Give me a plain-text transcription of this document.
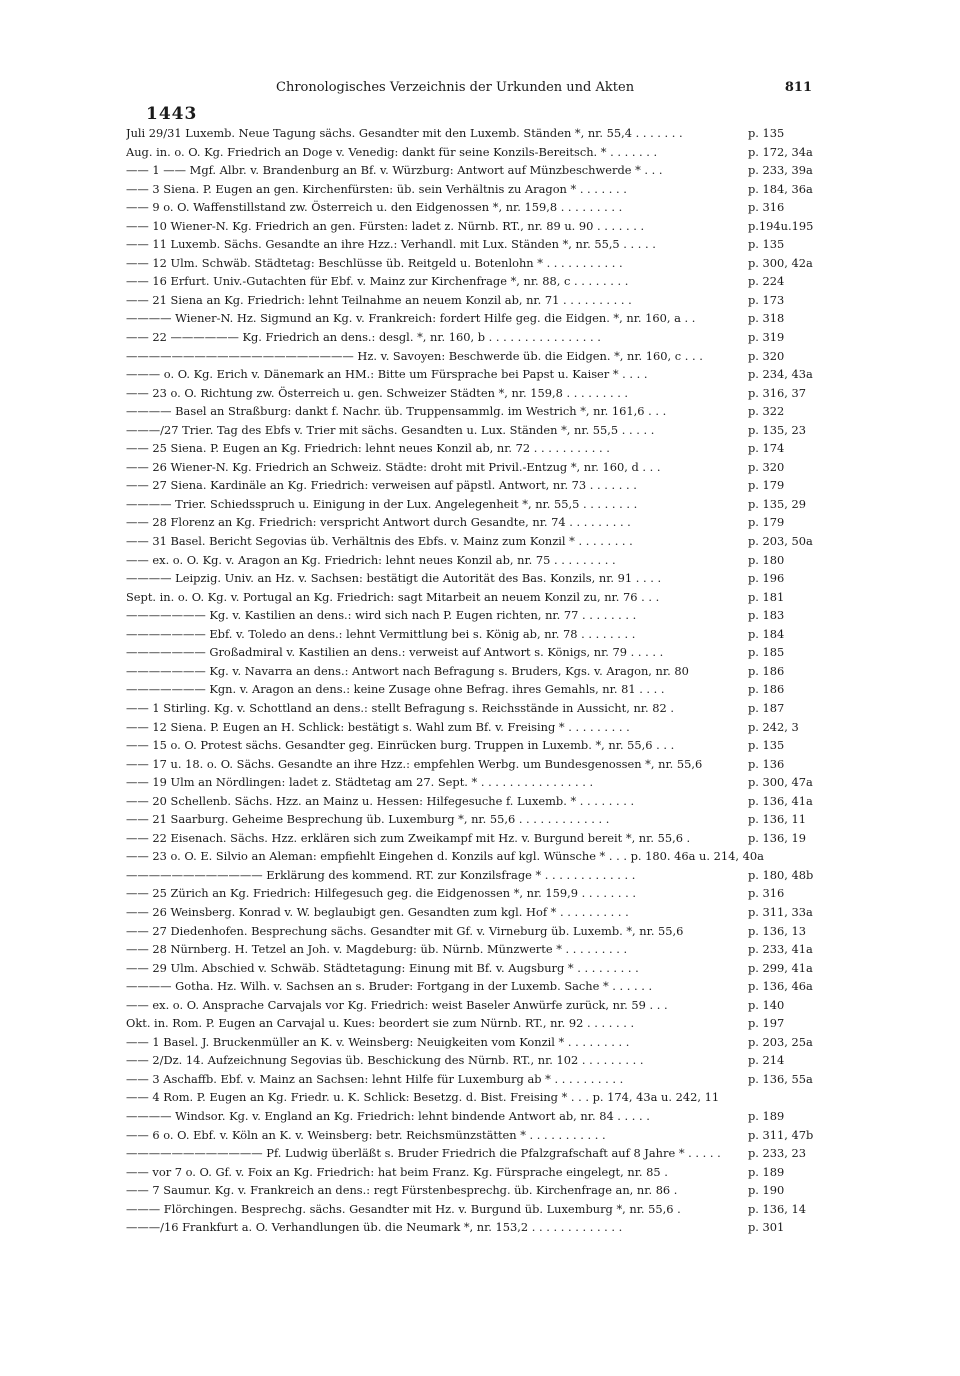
Chronologisches Verzeichnis der Urkunden und Akten	811
1443
Juli 29/31 Luxemb. Neue Tagung sächs. Gesandter mit den Luxemb. Ständen *, nr. 55,4 . . . . . . .	p. 135
Aug. in. o. O. Kg. Friedrich an Doge v. Venedig: dankt für seine Konzils-Bereitsch. * . . . . . . .	p. 172, 34a
—— 1 —— Mgf. Albr. v. Brandenburg an Bf. v. Würzburg: Antwort auf Münzbeschwerde * . . .	p. 233, 39a
—— 3 Siena. P. Eugen an gen. Kirchenfürsten: üb. sein Verhältnis zu Aragon * . . . . . . .	p. 184, 36a
—— 9 o. O. Waffenstillstand zw. Österreich u. den Eidgenossen *, nr. 159,8 . . . . . . . . .	p. 316
—— 10 Wiener-N. Kg. Friedrich an gen. Fürsten: ladet z. Nürnb. RT., nr. 89 u. 90 . . . . . . .	p.194u.195
—— 11 Luxemb. Sächs. Gesandte an ihre Hzz.: Verhandl. mit Lux. Ständen *, nr. 55,5 . . . . .	p. 135
—— 12 Ulm. Schwäb. Städtetag: Beschlüsse üb. Reitgeld u. Botenlohn * . . . . . . . . . . .	p. 300, 42a
—— 16 Erfurt. Univ.-Gutachten für Ebf. v. Mainz zur Kirchenfrage *, nr. 88, c . . . . . . . .	p. 224
—— 21 Siena an Kg. Friedrich: lehnt Teilnahme an neuem Konzil ab, nr. 71 . . . . . . . . . .	p. 173
———— Wiener-N. Hz. Sigmund an Kg. v. Frankreich: fordert Hilfe geg. die Eidgen. *, nr. 160, a . .	p. 318
—— 22 —————— Kg. Friedrich an dens.: desgl. *, nr. 160, b . . . . . . . . . . . . . . . .	p. 319
———————————————————— Hz. v. Savoyen: Beschwerde üb. die Eidgen. *, nr. 160, c . . .	p. 320
——— o. O. Kg. Erich v. Dänemark an HM.: Bitte um Fürsprache bei Papst u. Kaiser * . . . .	p. 234, 43a
—— 23 o. O. Richtung zw. Österreich u. gen. Schweizer Städten *, nr. 159,8 . . . . . . . . .	p. 316, 37
———— Basel an Straßburg: dankt f. Nachr. üb. Truppensammlg. im Westrich *, nr. 161,6 . . .	p. 322
———/27 Trier. Tag des Ebfs v. Trier mit sächs. Gesandten u. Lux. Ständen *, nr. 55,5 . . . . .	p. 135, 23
—— 25 Siena. P. Eugen an Kg. Friedrich: lehnt neues Konzil ab, nr. 72 . . . . . . . . . . .	p. 174
—— 26 Wiener-N. Kg. Friedrich an Schweiz. Städte: droht mit Privil.-Entzug *, nr. 160, d . . .	p. 320
—— 27 Siena. Kardinäle an Kg. Friedrich: verweisen auf päpstl. Antwort, nr. 73 . . . . . . .	p. 179
———— Trier. Schiedsspruch u. Einigung in der Lux. Angelegenheit *, nr. 55,5 . . . . . . . .	p. 135, 29
—— 28 Florenz an Kg. Friedrich: verspricht Antwort durch Gesandte, nr. 74 . . . . . . . . .	p. 179
—— 31 Basel. Bericht Segovias üb. Verhältnis des Ebfs. v. Mainz zum Konzil * . . . . . . . .	p. 203, 50a
—— ex. o. O. Kg. v. Aragon an Kg. Friedrich: lehnt neues Konzil ab, nr. 75 . . . . . . . . .	p. 180
———— Leipzig. Univ. an Hz. v. Sachsen: bestätigt die Autorität des Bas. Konzils, nr. 91 . . . .	p. 196
Sept. in. o. O. Kg. v. Portugal an Kg. Friedrich: sagt Mitarbeit an neuem Konzil zu, nr. 76 . . .	p. 181
——————— Kg. v. Kastilien an dens.: wird sich nach P. Eugen richten, nr. 77 . . . . . . . .	p. 183
——————— Ebf. v. Toledo an dens.: lehnt Vermittlung bei s. König ab, nr. 78 . . . . . . . .	p. 184
——————— Großadmiral v. Kastilien an dens.: verweist auf Antwort s. Königs, nr. 79 . . . . .	p. 185
——————— Kg. v. Navarra an dens.: Antwort nach Befragung s. Bruders, Kgs. v. Aragon, nr. 80	p. 186
——————— Kgn. v. Aragon an dens.: keine Zusage ohne Befrag. ihres Gemahls, nr. 81 . . . .	p. 186
—— 1 Stirling. Kg. v. Schottland an dens.: stellt Befragung s. Reichsstände in Aussicht, nr. 82 .	p. 187
—— 12 Siena. P. Eugen an H. Schlick: bestätigt s. Wahl zum Bf. v. Freising * . . . . . . . . .	p. 242, 3
—— 15 o. O. Protest sächs. Gesandter geg. Einrücken burg. Truppen in Luxemb. *, nr. 55,6 . . .	p. 135
—— 17 u. 18. o. O. Sächs. Gesandte an ihre Hzz.: empfehlen Werbg. um Bundesgenossen *, nr. 55,6	p. 136
—— 19 Ulm an Nördlingen: ladet z. Städtetag am 27. Sept. * . . . . . . . . . . . . . . . .	p. 300, 47a
—— 20 Schellenb. Sächs. Hzz. an Mainz u. Hessen: Hilfegesuche f. Luxemb. * . . . . . . . .	p. 136, 41a
—— 21 Saarburg. Geheime Besprechung üb. Luxemburg *, nr. 55,6 . . . . . . . . . . . . .	p. 136, 11
—— 22 Eisenach. Sächs. Hzz. erklären sich zum Zweikampf mit Hz. v. Burgund bereit *, nr. 55,6 .	p. 136, 19
—— 23 o. O. E. Silvio an Aleman: empfiehlt Eingehen d. Konzils auf kgl. Wünsche * . . . p. 180. 46a u. 214, 40a
———————————— Erklärung des kommend. RT. zur Konzilsfrage * . . . . . . . . . . . . .	p. 180, 48b
—— 25 Zürich an Kg. Friedrich: Hilfegesuch geg. die Eidgenossen *, nr. 159,9 . . . . . . . .	p. 316
—— 26 Weinsberg. Konrad v. W. beglaubigt gen. Gesandten zum kgl. Hof * . . . . . . . . . .	p. 311, 33a
—— 27 Diedenhofen. Besprechung sächs. Gesandter mit Gf. v. Virneburg üb. Luxemb. *, nr. 55,6	p. 136, 13
—— 28 Nürnberg. H. Tetzel an Joh. v. Magdeburg: üb. Nürnb. Münzwerte * . . . . . . . . .	p. 233, 41a
—— 29 Ulm. Abschied v. Schwäb. Städtetagung: Einung mit Bf. v. Augsburg * . . . . . . . . .	p. 299, 41a
———— Gotha. Hz. Wilh. v. Sachsen an s. Bruder: Fortgang in der Luxemb. Sache * . . . . . .	p. 136, 46a
—— ex. o. O. Ansprache Carvajals vor Kg. Friedrich: weist Baseler Anwürfe zurück, nr. 59 . . .	p. 140
Okt. in. Rom. P. Eugen an Carvajal u. Kues: beordert sie zum Nürnb. RT., nr. 92 . . . . . . .	p. 197
—— 1 Basel. J. Bruckenmüller an K. v. Weinsberg: Neuigkeiten vom Konzil * . . . . . . . . .	p. 203, 25a
—— 2/Dz. 14. Aufzeichnung Segovias üb. Beschickung des Nürnb. RT., nr. 102 . . . . . . . . .	p. 214
—— 3 Aschaffb. Ebf. v. Mainz an Sachsen: lehnt Hilfe für Luxemburg ab * . . . . . . . . . .	p. 136, 55a
—— 4 Rom. P. Eugen an Kg. Friedr. u. K. Schlick: Besetzg. d. Bist. Freising * . . . p. 174, 43a u. 242, 11
———— Windsor. Kg. v. England an Kg. Friedrich: lehnt bindende Antwort ab, nr. 84 . . . . .	p. 189
—— 6 o. O. Ebf. v. Köln an K. v. Weinsberg: betr. Reichsmünzstätten * . . . . . . . . . . .	p. 311, 47b
———————————— Pf. Ludwig überläßt s. Bruder Friedrich die Pfalzgrafschaft auf 8 Jahre * . . . . .	p. 233, 23
—— vor 7 o. O. Gf. v. Foix an Kg. Friedrich: hat beim Franz. Kg. Fürsprache eingelegt, nr. 85 .	p. 189
—— 7 Saumur. Kg. v. Frankreich an dens.: regt Fürstenbesprechg. üb. Kirchenfrage an, nr. 86 .	p. 190
——— Flörchingen. Besprechg. sächs. Gesandter mit Hz. v. Burgund üb. Luxemburg *, nr. 55,6 .	p. 136, 14
———/16 Frankfurt a. O. Verhandlungen üb. die Neumark *, nr. 153,2 . . . . . . . . . . . . .	p. 301
